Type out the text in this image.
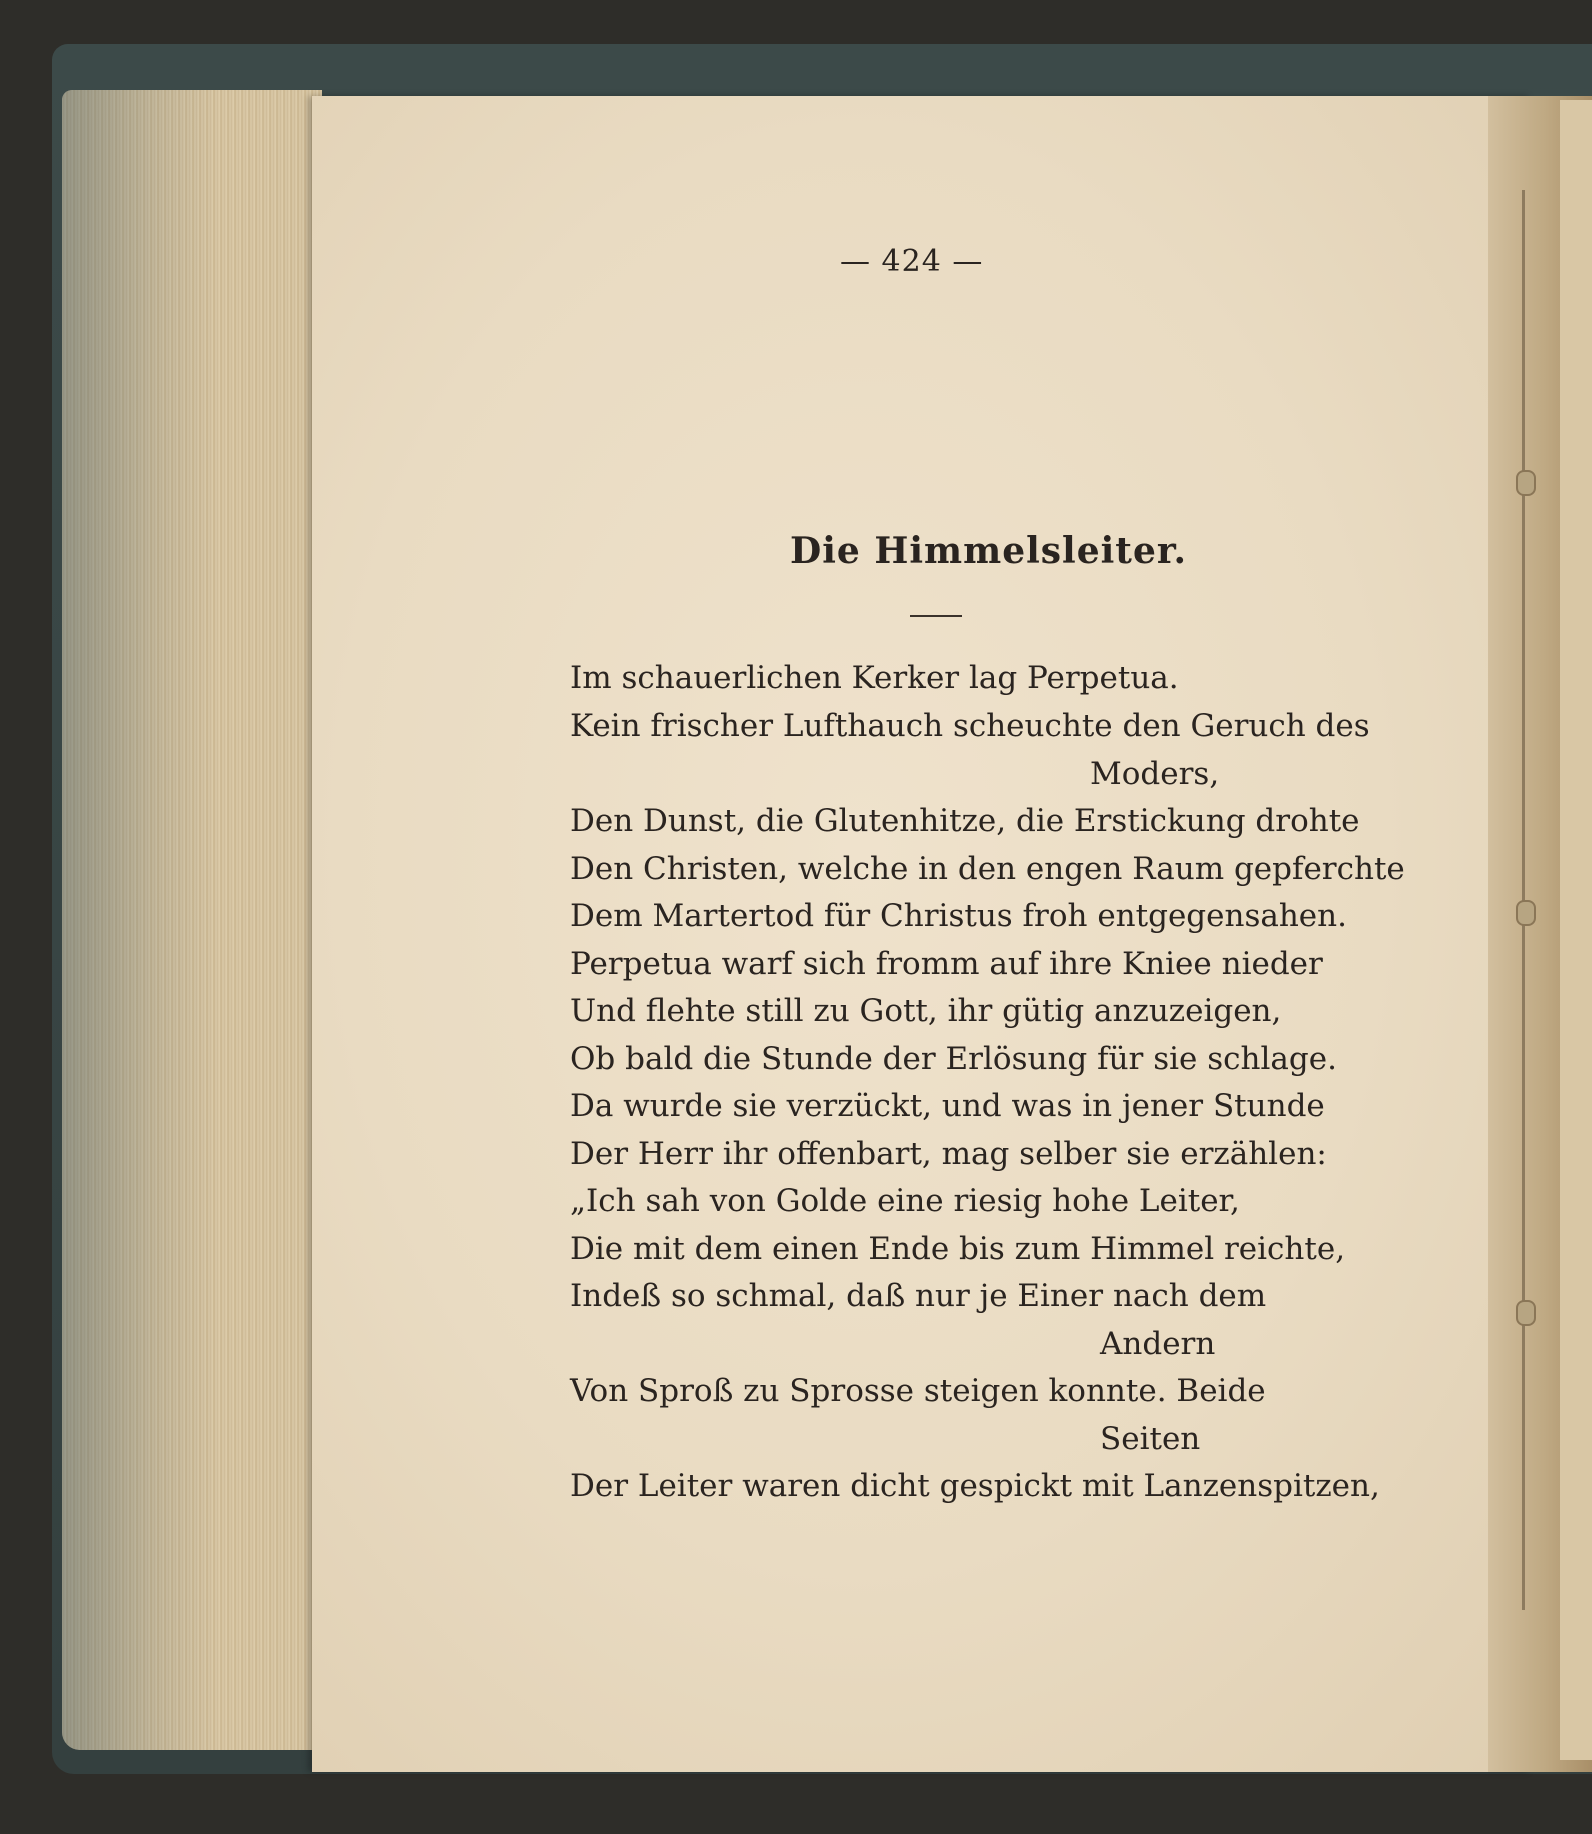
— 424 —
Die Himmelsleiter.
Im schauerlichen Kerker lag Perpetua.
Kein frischer Lufthauch scheuchte den Geruch des
Moders,
Den Dunst, die Glutenhitze, die Erstickung drohte
Den Christen, welche in den engen Raum gepferchte
Dem Martertod für Christus froh entgegensahen.
Perpetua warf sich fromm auf ihre Kniee nieder
Und flehte still zu Gott, ihr gütig anzuzeigen,
Ob bald die Stunde der Erlösung für sie schlage.
Da wurde sie verzückt, und was in jener Stunde
Der Herr ihr offenbart, mag selber sie erzählen:
„Ich sah von Golde eine riesig hohe Leiter,
Die mit dem einen Ende bis zum Himmel reichte,
Indeß so schmal, daß nur je Einer nach dem
Andern
Von Sproß zu Sprosse steigen konnte. Beide
Seiten
Der Leiter waren dicht gespickt mit Lanzenspitzen,
